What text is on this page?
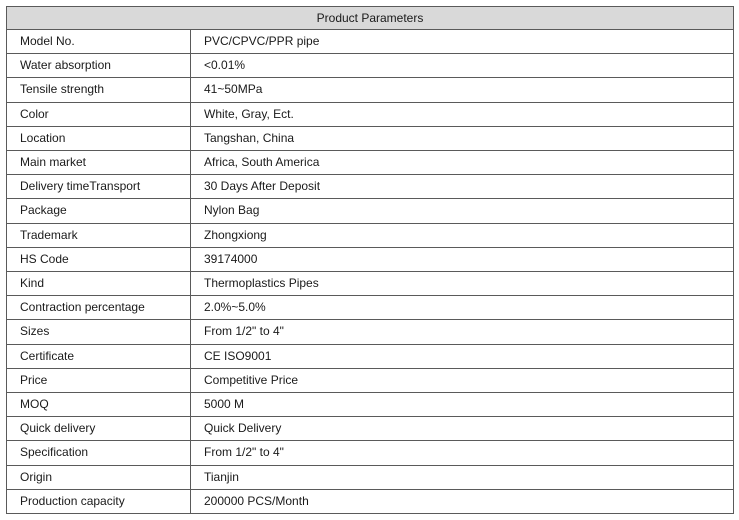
Product Parameters	
Model No.	PVC/CPVC/PPR pipe
Water absorption	<0.01%
Tensile strength	41~50MPa
Color	White, Gray, Ect.
Location	Tangshan, China
Main market	Africa, South America
Delivery timeTransport	30 Days After Deposit
Package	Nylon Bag
Trademark	Zhongxiong
HS Code	39174000
Kind	Thermoplastics Pipes
Contraction percentage	2.0%~5.0%
Sizes	From 1/2" to 4"
Certificate	CE ISO9001
Price	Competitive Price
MOQ	5000 M
Quick delivery	Quick Delivery
Specification	From 1/2" to 4"
Origin	Tianjin
Production capacity	200000 PCS/Month
